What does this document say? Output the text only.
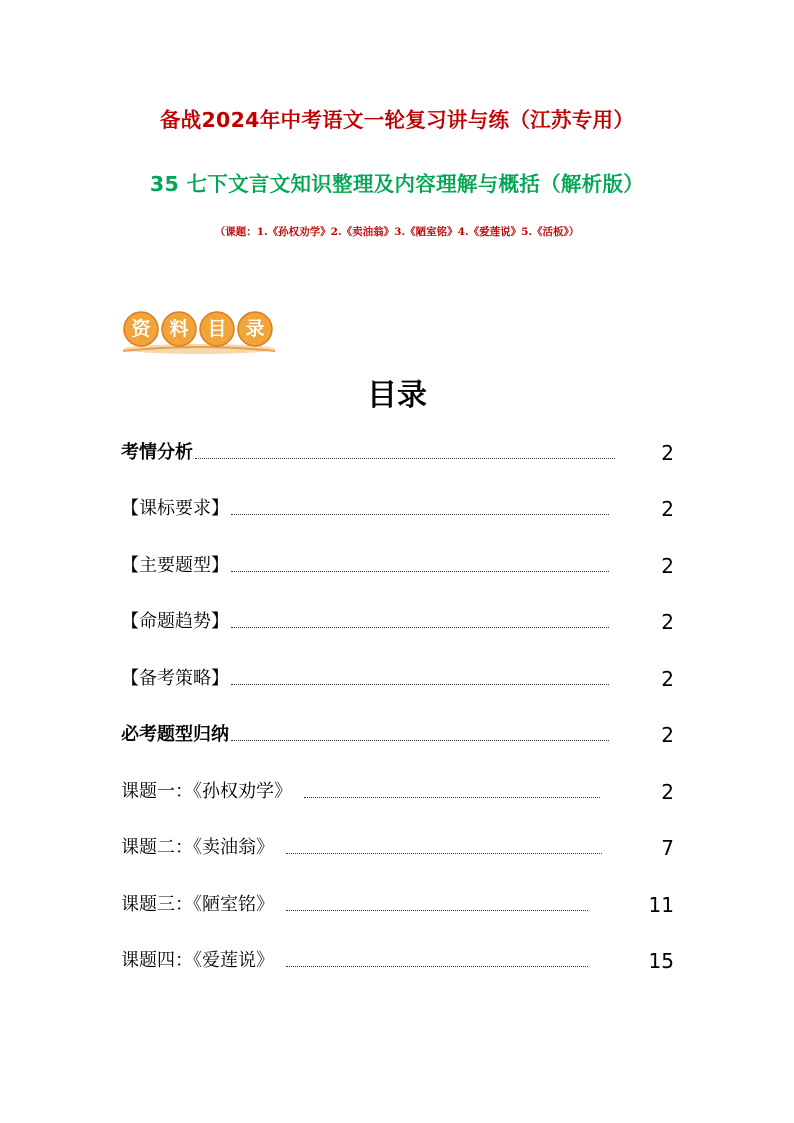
备战2024年中考语文一轮复习讲与练（江苏专用）
35 七下文言文知识整理及内容理解与概括（解析版）
（课题：1.《孙权劝学》2.《卖油翁》3.《陋室铭》4.《爱莲说》5.《活板》）
资 料 目 录
目录
考情分析	2
【课标要求】	2
【主要题型】	2
【命题趋势】	2
【备考策略】	2
必考题型归纳	2
课题一：《孙权劝学》	2
课题二：《卖油翁》	7
课题三：《陋室铭》	11
课题四：《爱莲说》	15
